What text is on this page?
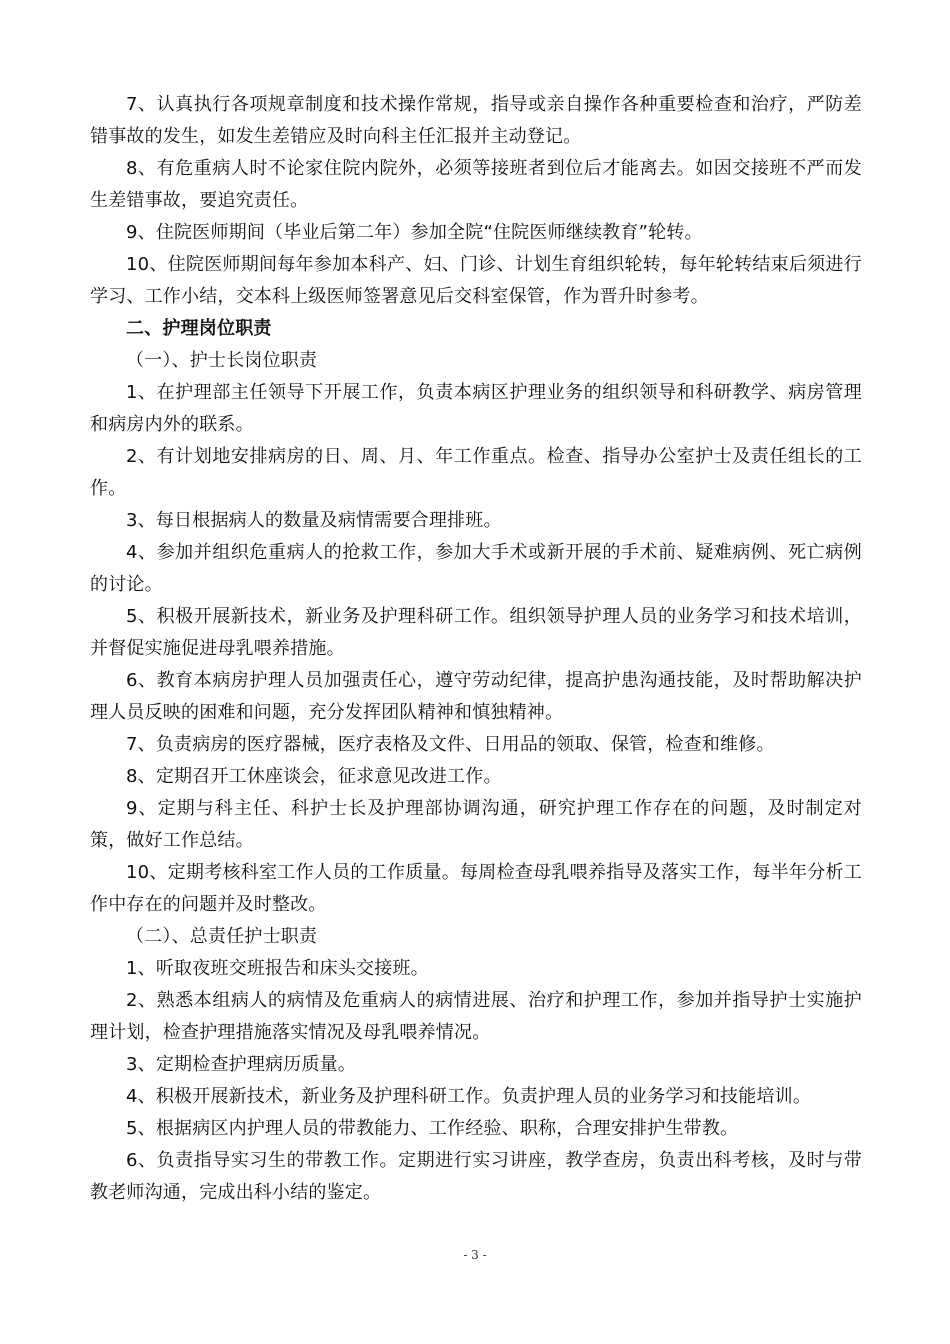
7、认真执行各项规章制度和技术操作常规，指导或亲自操作各种重要检查和治疗，严防差错事故的发生，如发生差错应及时向科主任汇报并主动登记。

8、有危重病人时不论家住院内院外，必须等接班者到位后才能离去。如因交接班不严而发生差错事故，要追究责任。

9、住院医师期间（毕业后第二年）参加全院“住院医师继续教育”轮转。

10、住院医师期间每年参加本科产、妇、门诊、计划生育组织轮转，每年轮转结束后须进行学习、工作小结，交本科上级医师签署意见后交科室保管，作为晋升时参考。

二、护理岗位职责

（一）、护士长岗位职责

1、在护理部主任领导下开展工作，负责本病区护理业务的组织领导和科研教学、病房管理和病房内外的联系。

2、有计划地安排病房的日、周、月、年工作重点。检查、指导办公室护士及责任组长的工作。

3、每日根据病人的数量及病情需要合理排班。

4、参加并组织危重病人的抢救工作，参加大手术或新开展的手术前、疑难病例、死亡病例的讨论。

5、积极开展新技术，新业务及护理科研工作。组织领导护理人员的业务学习和技术培训，并督促实施促进母乳喂养措施。

6、教育本病房护理人员加强责任心，遵守劳动纪律，提高护患沟通技能，及时帮助解决护理人员反映的困难和问题，充分发挥团队精神和慎独精神。

7、负责病房的医疗器械，医疗表格及文件、日用品的领取、保管，检查和维修。

8、定期召开工休座谈会，征求意见改进工作。

9、定期与科主任、科护士长及护理部协调沟通，研究护理工作存在的问题，及时制定对策，做好工作总结。

10、定期考核科室工作人员的工作质量。每周检查母乳喂养指导及落实工作，每半年分析工作中存在的问题并及时整改。

（二）、总责任护士职责

1、听取夜班交班报告和床头交接班。

2、熟悉本组病人的病情及危重病人的病情进展、治疗和护理工作，参加并指导护士实施护理计划，检查护理措施落实情况及母乳喂养情况。

3、定期检查护理病历质量。

4、积极开展新技术，新业务及护理科研工作。负责护理人员的业务学习和技能培训。

5、根据病区内护理人员的带教能力、工作经验、职称，合理安排护生带教。

6、负责指导实习生的带教工作。定期进行实习讲座，教学查房，负责出科考核，及时与带教老师沟通，完成出科小结的鉴定。

- 3 -
